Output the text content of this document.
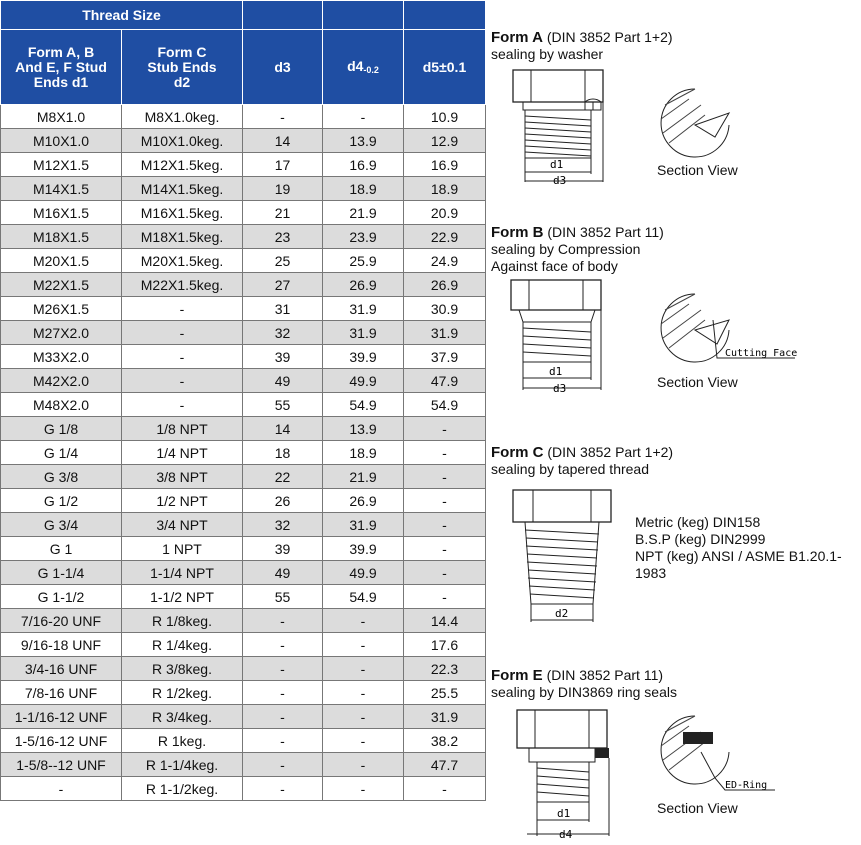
Thread Size				
Form A, B And E, F Stud Ends d1	Form C Stub Ends d2	d3	d4-0.2	d5±0.1
M8X1.0	M8X1.0keg.	-	-	10.9
M10X1.0	M10X1.0keg.	14	13.9	12.9
M12X1.5	M12X1.5keg.	17	16.9	16.9
M14X1.5	M14X1.5keg.	19	18.9	18.9
M16X1.5	M16X1.5keg.	21	21.9	20.9
M18X1.5	M18X1.5keg.	23	23.9	22.9
M20X1.5	M20X1.5keg.	25	25.9	24.9
M22X1.5	M22X1.5keg.	27	26.9	26.9
M26X1.5	-	31	31.9	30.9
M27X2.0	-	32	31.9	31.9
M33X2.0	-	39	39.9	37.9
M42X2.0	-	49	49.9	47.9
M48X2.0	-	55	54.9	54.9
G 1/8	1/8 NPT	14	13.9	-
G 1/4	1/4 NPT	18	18.9	-
G 3/8	3/8 NPT	22	21.9	-
G 1/2	1/2 NPT	26	26.9	-
G 3/4	3/4 NPT	32	31.9	-
G 1	1 NPT	39	39.9	-
G 1-1/4	1-1/4 NPT	49	49.9	-
G 1-1/2	1-1/2 NPT	55	54.9	-
7/16-20 UNF	R 1/8keg.	-	-	14.4
9/16-18 UNF	R 1/4keg.	-	-	17.6
3/4-16 UNF	R 3/8keg.	-	-	22.3
7/8-16 UNF	R 1/2keg.	-	-	25.5
1-1/16-12 UNF	R 3/4keg.	-	-	31.9
1-5/16-12 UNF	R 1keg.	-	-	38.2
1-5/8--12 UNF	R 1-1/4keg.	-	-	47.7
-	R 1-1/2keg.	-	-	-
Form A (DIN 3852 Part 1+2)
sealing by washer
d1
d3
Section View
Form B (DIN 3852 Part 11)
sealing by Compression
Against face of body
d1
d3
Cutting Face
Section View
Form C (DIN 3852 Part 1+2)
sealing by tapered thread
d2
Metric (keg) DIN158
B.S.P (keg) DIN2999
NPT (keg) ANSI / ASME B1.20.1-
1983
Form E (DIN 3852 Part 11)
sealing by DIN3869 ring seals
d1
d4
ED-Ring
Section View
